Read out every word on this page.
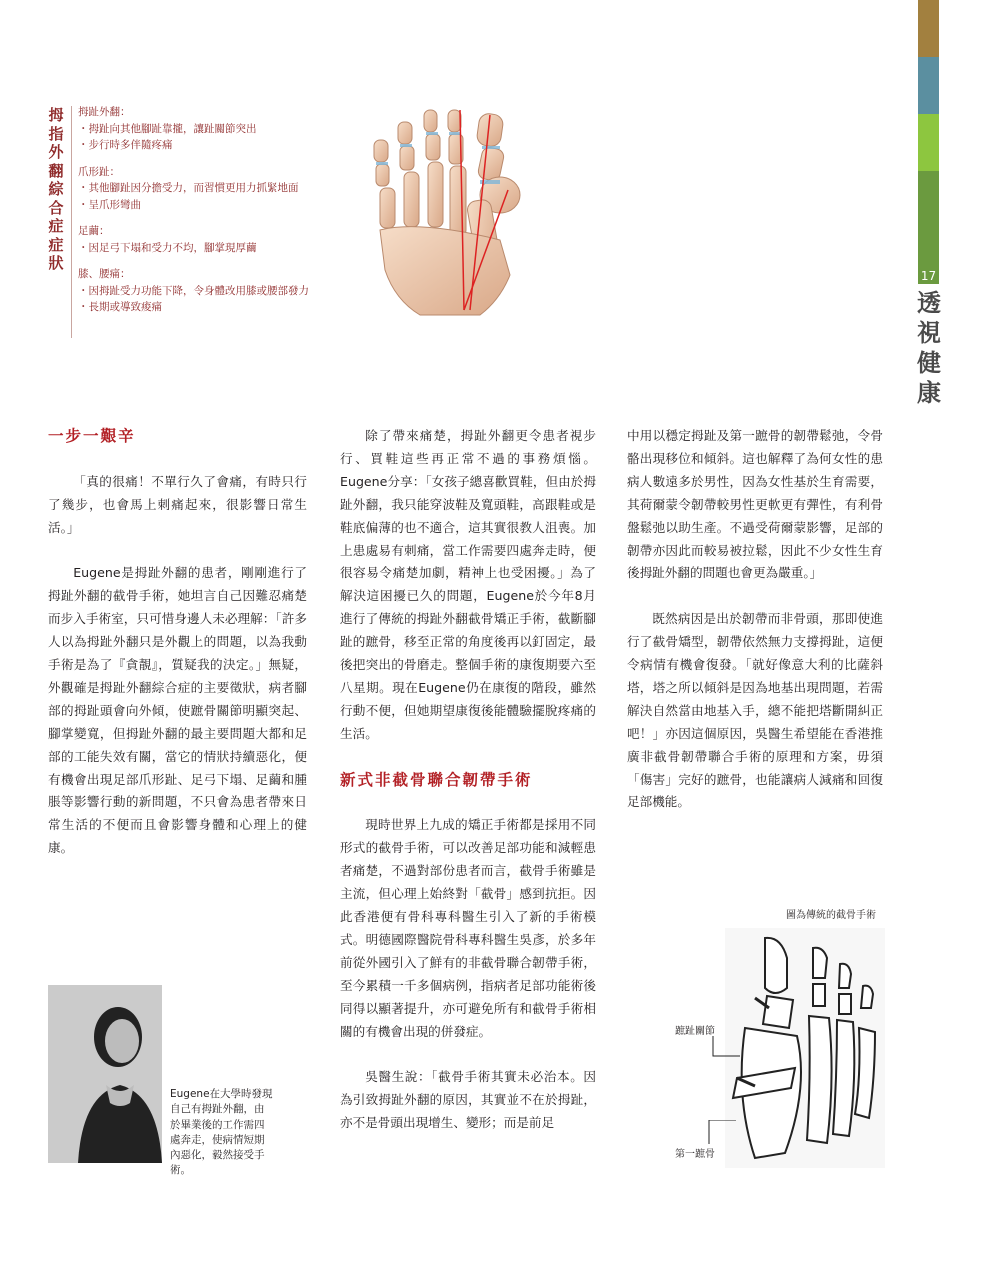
17
透
視
健
康
拇
指
外
翻
綜
合
症
症
狀
拇趾外翻：
・拇趾向其他腳趾靠攏，讓趾關節突出
・步行時多伴隨疼痛
爪形趾：
・其他腳趾因分擔受力，而習慣更用力抓緊地面
・呈爪形彎曲
足繭：
・因足弓下塌和受力不均，腳掌現厚繭
膝、腰痛：
・因拇趾受力功能下降，令身體改用膝或腰部發力
・長期或導致痠痛

一步一艱辛

「真的很痛！不單行久了會痛，有時只行了幾步，也會馬上刺痛起來，很影響日常生活。」

Eugene是拇趾外翻的患者，剛剛進行了拇趾外翻的截骨手術，她坦言自己因難忍痛楚而步入手術室，只可惜身邊人未必理解：「許多人以為拇趾外翻只是外觀上的問題，以為我動手術是為了『貪靚』，質疑我的決定。」無疑，外觀確是拇趾外翻綜合症的主要徵狀，病者腳部的拇趾頭會向外傾，使蹠骨關節明顯突起、腳掌變寬，但拇趾外翻的最主要問題大都和足部的工能失效有關，當它的情狀持續惡化，便有機會出現足部爪形趾、足弓下塌、足繭和腫脹等影響行動的新問題，不只會為患者帶來日常生活的不便而且會影響身體和心理上的健康。

除了帶來痛楚，拇趾外翻更令患者視步行、買鞋這些再正常不過的事務煩惱。Eugene分享：「女孩子總喜歡買鞋，但由於拇趾外翻，我只能穿波鞋及寬頭鞋，高跟鞋或是鞋底偏薄的也不適合，這其實很教人沮喪。加上患處易有刺痛，當工作需要四處奔走時，便很容易令痛楚加劇，精神上也受困擾。」為了解決這困擾已久的問題，Eugene於今年8月進行了傳統的拇趾外翻截骨矯正手術，截斷腳趾的蹠骨，移至正常的角度後再以釘固定，最後把突出的骨磨走。整個手術的康復期要六至八星期。現在Eugene仍在康復的階段，雖然行動不便，但她期望康復後能體驗擺脫疼痛的生活。

新式非截骨聯合韌帶手術

現時世界上九成的矯正手術都是採用不同形式的截骨手術，可以改善足部功能和減輕患者痛楚，不過對部份患者而言，截骨手術雖是主流，但心理上始終對「截骨」感到抗拒。因此香港便有骨科專科醫生引入了新的手術模式。明德國際醫院骨科專科醫生吳彥，於多年前從外國引入了鮮有的非截骨聯合韌帶手術，至今累積一千多個病例，指病者足部功能術後同得以顯著提升，亦可避免所有和截骨手術相關的有機會出現的併發症。

吳醫生說：「截骨手術其實未必治本。因為引致拇趾外翻的原因，其實並不在於拇趾，亦不是骨頭出現增生、變形；而是前足

中用以穩定拇趾及第一蹠骨的韌帶鬆弛，令骨骼出現移位和傾斜。這也解釋了為何女性的患病人數遠多於男性，因為女性基於生育需要，其荷爾蒙令韌帶較男性更軟更有彈性，有利骨盤鬆弛以助生產。不過受荷爾蒙影響，足部的韌帶亦因此而較易被拉鬆，因此不少女性生育後拇趾外翻的問題也會更為嚴重。」

既然病因是出於韌帶而非骨頭，那即使進行了截骨矯型，韌帶依然無力支撐拇趾，這便令病情有機會復發。「就好像意大利的比薩斜塔，塔之所以傾斜是因為地基出現問題，若需解決自然當由地基入手，總不能把塔斷開糾正吧！」亦因這個原因，吳醫生希望能在香港推廣非截骨韌帶聯合手術的原理和方案，毋須「傷害」完好的蹠骨，也能讓病人減痛和回復足部機能。

Eugene在大學時發現自己有拇趾外翻，由於畢業後的工作需四處奔走，使病情短期內惡化，毅然接受手術。
圖為傳統的截骨手術
蹠趾關節
第一蹠骨
